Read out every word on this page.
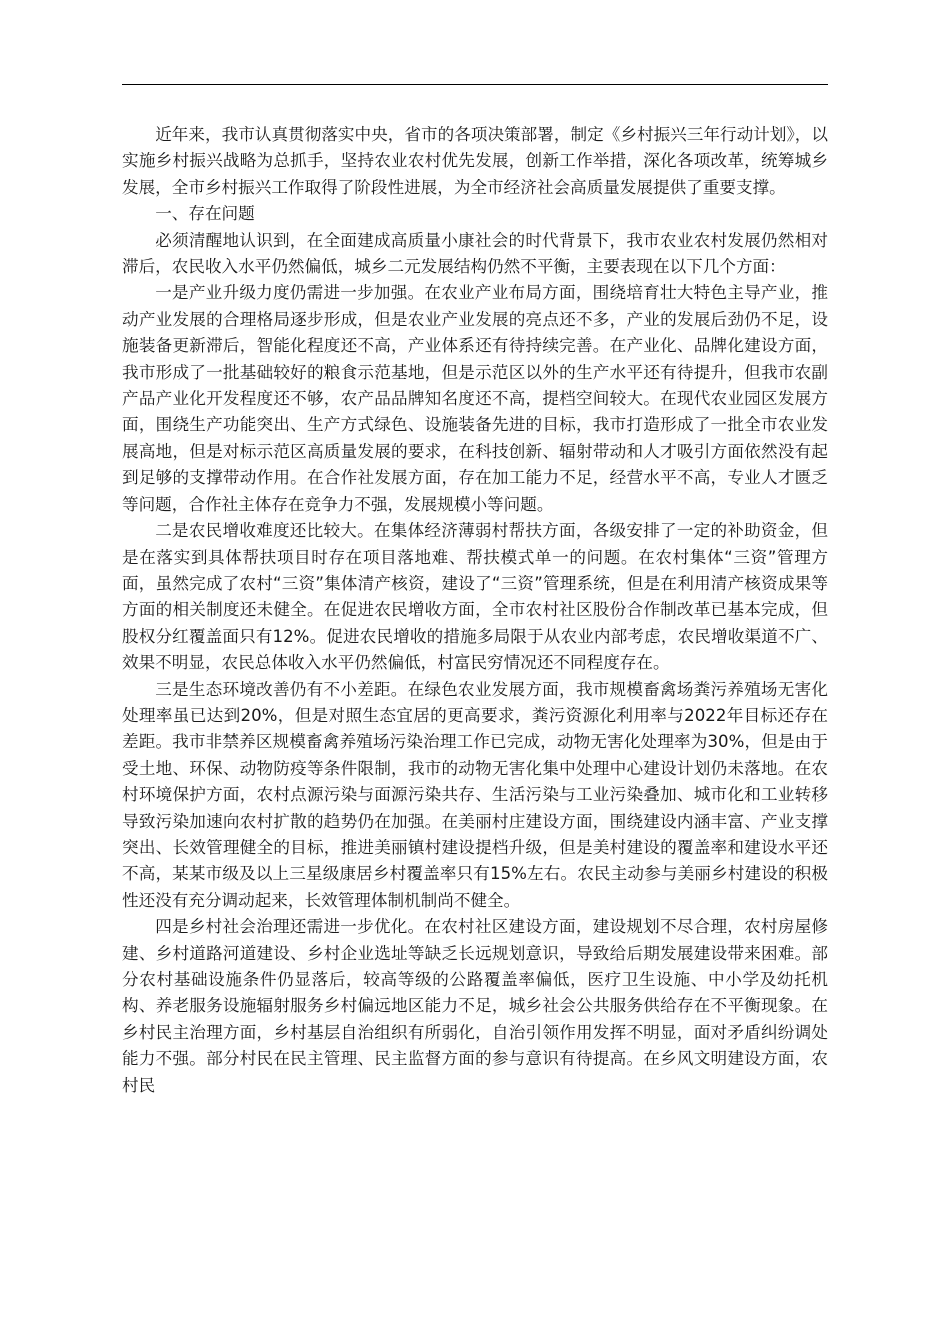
近年来，我市认真贯彻落实中央，省市的各项决策部署，制定《乡村振兴三年行动计划》，以实施乡村振兴战略为总抓手，坚持农业农村优先发展，创新工作举措，深化各项改革，统筹城乡发展，全市乡村振兴工作取得了阶段性进展，为全市经济社会高质量发展提供了重要支撑。

一、存在问题

必须清醒地认识到，在全面建成高质量小康社会的时代背景下，我市农业农村发展仍然相对滞后，农民收入水平仍然偏低，城乡二元发展结构仍然不平衡，主要表现在以下几个方面：

一是产业升级力度仍需进一步加强。在农业产业布局方面，围绕培育壮大特色主导产业，推动产业发展的合理格局逐步形成，但是农业产业发展的亮点还不多，产业的发展后劲仍不足，设施装备更新滞后，智能化程度还不高，产业体系还有待持续完善。在产业化、品牌化建设方面，我市形成了一批基础较好的粮食示范基地，但是示范区以外的生产水平还有待提升，但我市农副产品产业化开发程度还不够，农产品品牌知名度还不高，提档空间较大。在现代农业园区发展方面，围绕生产功能突出、生产方式绿色、设施装备先进的目标，我市打造形成了一批全市农业发展高地，但是对标示范区高质量发展的要求，在科技创新、辐射带动和人才吸引方面依然没有起到足够的支撑带动作用。在合作社发展方面，存在加工能力不足，经营水平不高，专业人才匮乏等问题，合作社主体存在竞争力不强，发展规模小等问题。

二是农民增收难度还比较大。在集体经济薄弱村帮扶方面，各级安排了一定的补助资金，但是在落实到具体帮扶项目时存在项目落地难、帮扶模式单一的问题。在农村集体“三资”管理方面，虽然完成了农村“三资”集体清产核资，建设了“三资”管理系统，但是在利用清产核资成果等方面的相关制度还未健全。在促进农民增收方面，全市农村社区股份合作制改革已基本完成，但股权分红覆盖面只有12%。促进农民增收的措施多局限于从农业内部考虑，农民增收渠道不广、效果不明显，农民总体收入水平仍然偏低，村富民穷情况还不同程度存在。

三是生态环境改善仍有不小差距。在绿色农业发展方面，我市规模畜禽场粪污养殖场无害化处理率虽已达到20%，但是对照生态宜居的更高要求，粪污资源化利用率与2022年目标还存在差距。我市非禁养区规模畜禽养殖场污染治理工作已完成，动物无害化处理率为30%，但是由于受土地、环保、动物防疫等条件限制，我市的动物无害化集中处理中心建设计划仍未落地。在农村环境保护方面，农村点源污染与面源污染共存、生活污染与工业污染叠加、城市化和工业转移导致污染加速向农村扩散的趋势仍在加强。在美丽村庄建设方面，围绕建设内涵丰富、产业支撑突出、长效管理健全的目标，推进美丽镇村建设提档升级，但是美村建设的覆盖率和建设水平还不高，某某市级及以上三星级康居乡村覆盖率只有15%左右。农民主动参与美丽乡村建设的积极性还没有充分调动起来，长效管理体制机制尚不健全。

四是乡村社会治理还需进一步优化。在农村社区建设方面，建设规划不尽合理，农村房屋修建、乡村道路河道建设、乡村企业选址等缺乏长远规划意识，导致给后期发展建设带来困难。部分农村基础设施条件仍显落后，较高等级的公路覆盖率偏低，医疗卫生设施、中小学及幼托机构、养老服务设施辐射服务乡村偏远地区能力不足，城乡社会公共服务供给存在不平衡现象。在乡村民主治理方面，乡村基层自治组织有所弱化，自治引领作用发挥不明显，面对矛盾纠纷调处能力不强。部分村民在民主管理、民主监督方面的参与意识有待提高。在乡风文明建设方面，农村民
